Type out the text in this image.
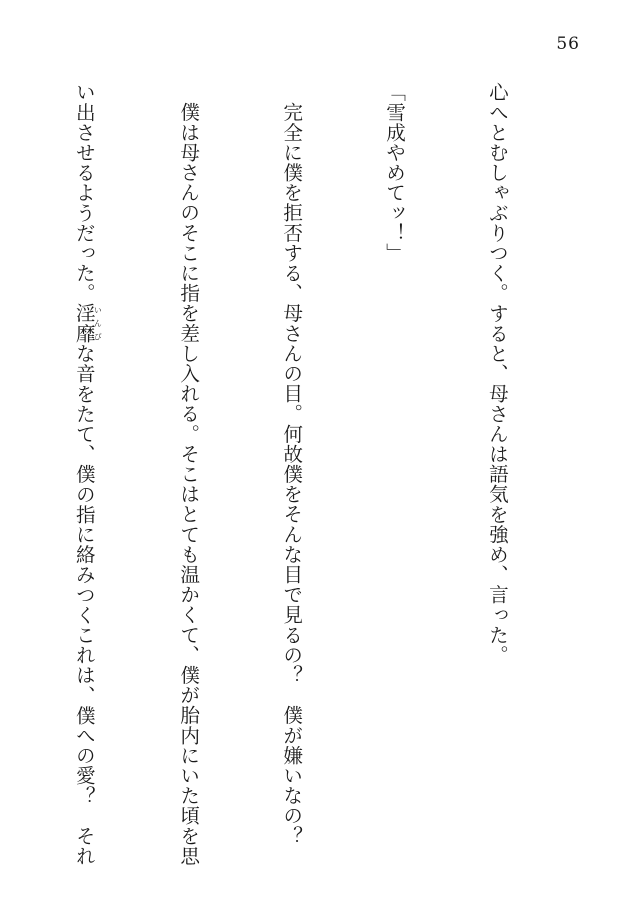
56

心へとむしゃぶりつく。すると、母さんは語気を強め、言った。

「雪成やめてッ！」

完全に僕を拒否する、母さんの目。何故僕をそんな目で見るの？　僕が嫌いなの？

僕は母さんのそこに指を差し入れる。そこはとても温かくて、僕が胎内にいた頃を思

い出させるようだった。淫靡いんびな音をたて、僕の指に絡みつくこれは、僕への愛？　それ
